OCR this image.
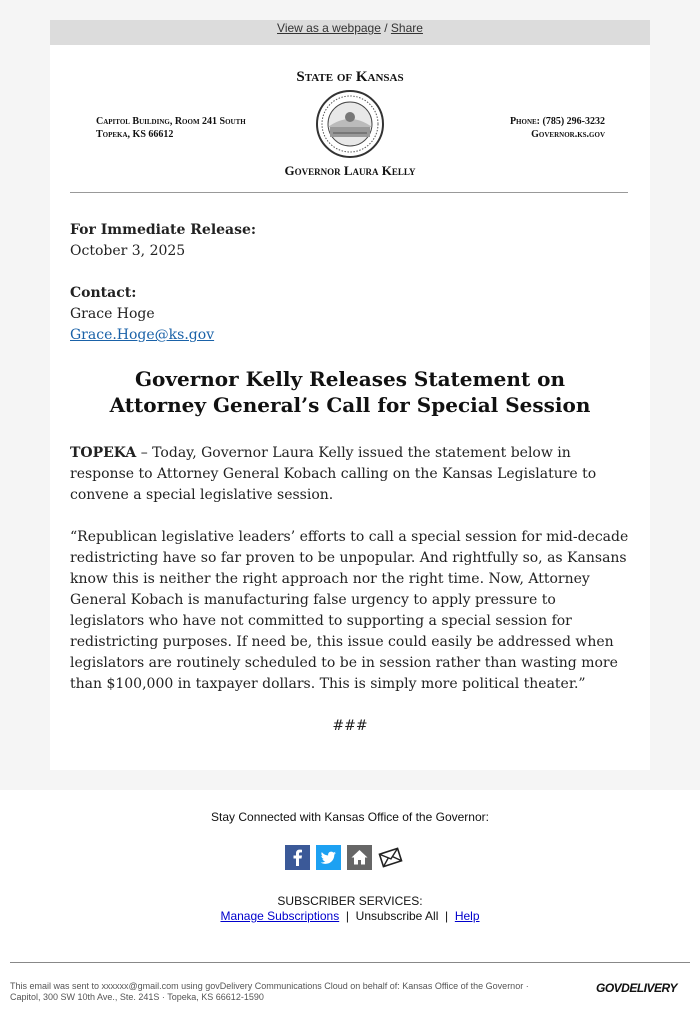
View as a webpage / Share
State of Kansas
Capitol Building, Room 241 South
Topeka, KS 66612
Phone: (785) 296-3232
Governor.ks.gov
Governor Laura Kelly

For Immediate Release:

October 3, 2025

Contact:

Grace Hoge

Grace.Hoge@ks.gov

Governor Kelly Releases Statement on
Attorney General’s Call for Special Session

TOPEKA – Today, Governor Laura Kelly issued the statement below in response to Attorney General Kobach calling on the Kansas Legislature to convene a special legislative session.

“Republican legislative leaders’ efforts to call a special session for mid-decade redistricting have so far proven to be unpopular. And rightfully so, as Kansans know this is neither the right approach nor the right time. Now, Attorney General Kobach is manufacturing false urgency to apply pressure to legislators who have not committed to supporting a special session for redistricting purposes. If need be, this issue could easily be addressed when legislators are routinely scheduled to be in session rather than wasting more than $100,000 in taxpayer dollars. This is simply more political theater.”

###

Stay Connected with Kansas Office of the Governor:
SUBSCRIBER SERVICES:
Manage Subscriptions | Unsubscribe All | Help
This email was sent to xxxxxx@gmail.com using govDelivery Communications Cloud on behalf of: Kansas Office of the Governor ·
Capitol, 300 SW 10th Ave., Ste. 241S · Topeka, KS 66612-1590
GOVDELIVERY
